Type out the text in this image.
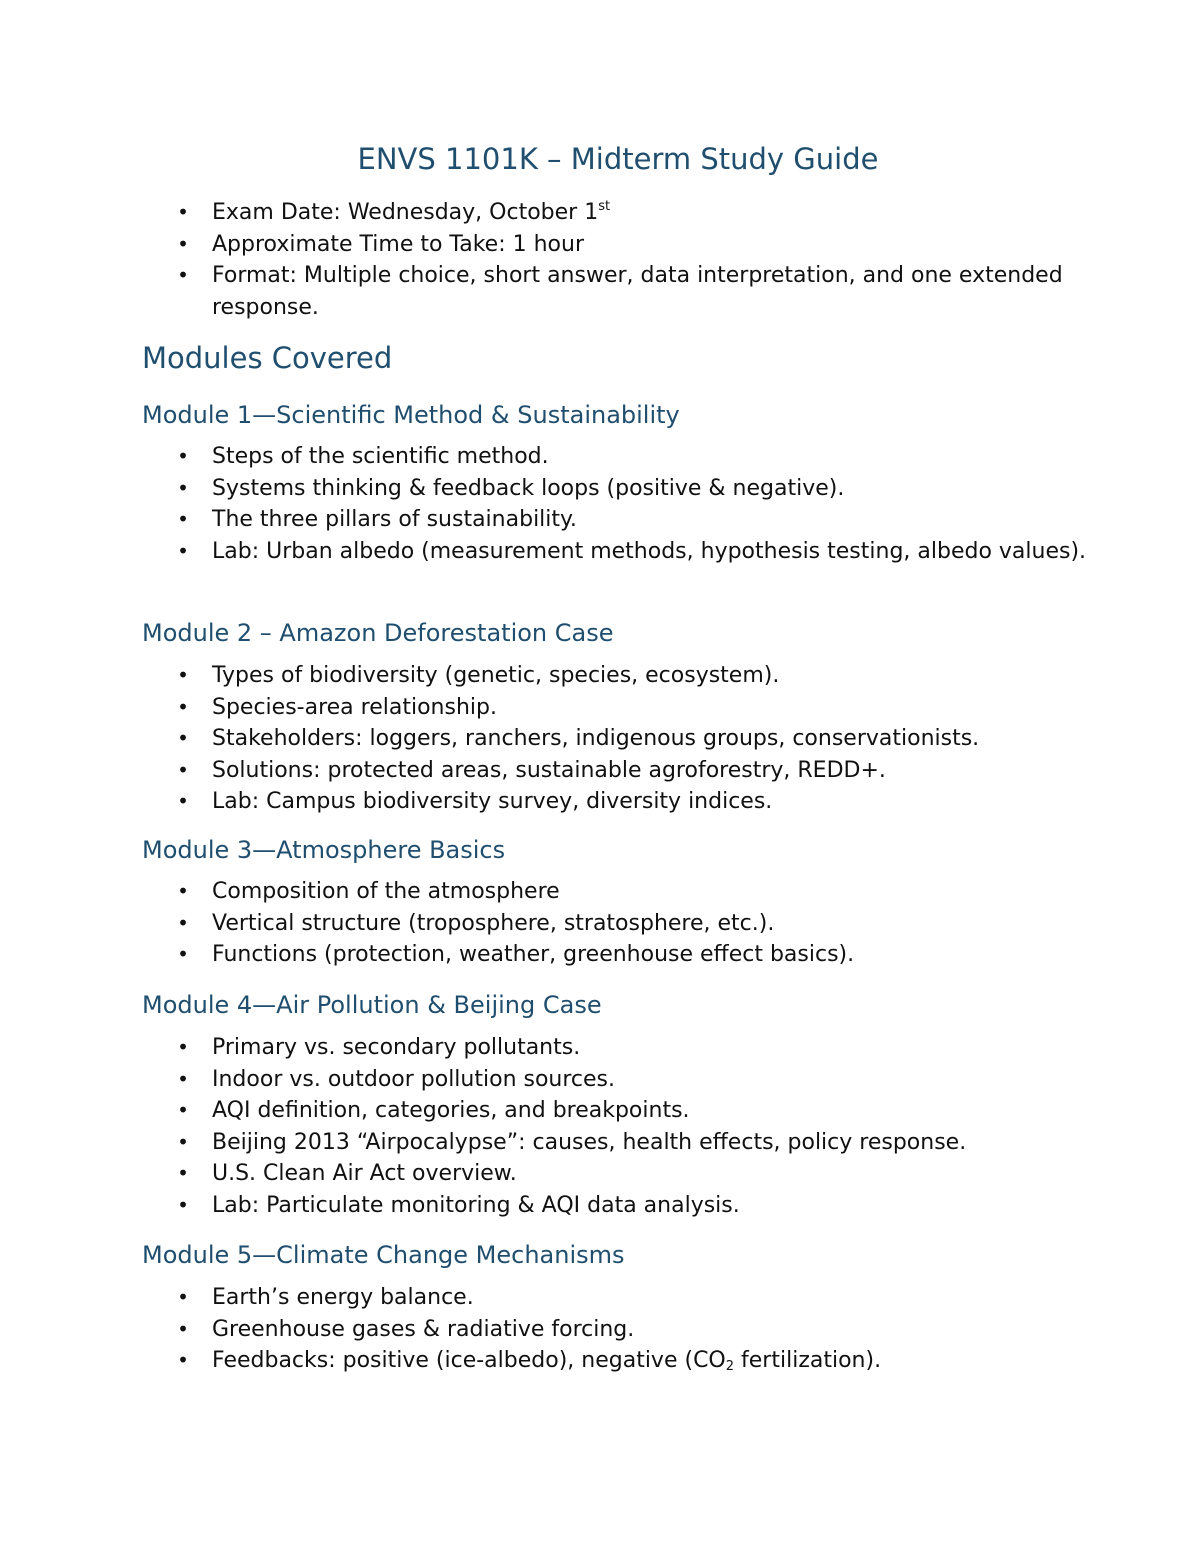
ENVS 1101K – Midterm Study Guide
• Exam Date: Wednesday, October 1st
• Approximate Time to Take: 1 hour
• Format: Multiple choice, short answer, data interpretation, and one extended response.
Modules Covered
Module 1—Scientific Method & Sustainability
• Steps of the scientific method.
• Systems thinking & feedback loops (positive & negative).
• The three pillars of sustainability.
• Lab: Urban albedo (measurement methods, hypothesis testing, albedo values).
Module 2 – Amazon Deforestation Case
• Types of biodiversity (genetic, species, ecosystem).
• Species-area relationship.
• Stakeholders: loggers, ranchers, indigenous groups, conservationists.
• Solutions: protected areas, sustainable agroforestry, REDD+.
• Lab: Campus biodiversity survey, diversity indices.
Module 3—Atmosphere Basics
• Composition of the atmosphere
• Vertical structure (troposphere, stratosphere, etc.).
• Functions (protection, weather, greenhouse effect basics).
Module 4—Air Pollution & Beijing Case
• Primary vs. secondary pollutants.
• Indoor vs. outdoor pollution sources.
• AQI definition, categories, and breakpoints.
• Beijing 2013 “Airpocalypse”: causes, health effects, policy response.
• U.S. Clean Air Act overview.
• Lab: Particulate monitoring & AQI data analysis.
Module 5—Climate Change Mechanisms
• Earth’s energy balance.
• Greenhouse gases & radiative forcing.
• Feedbacks: positive (ice-albedo), negative ($CO_2$ fertilization).
